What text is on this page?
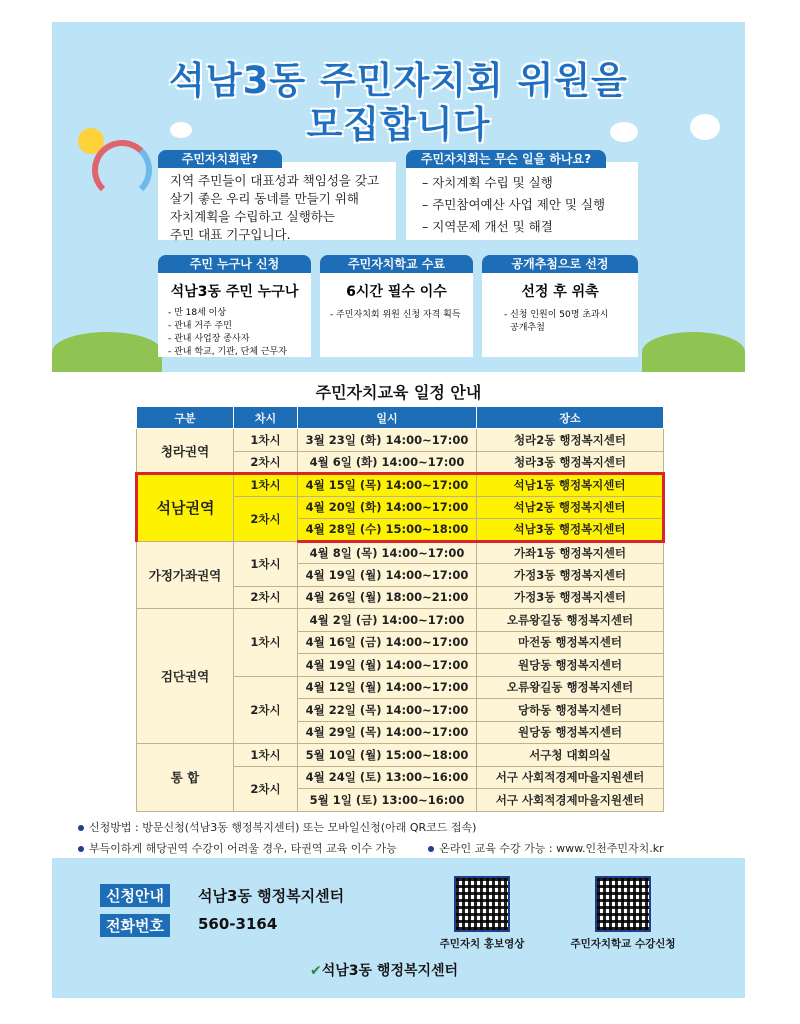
석남3동 주민자치회 위원을
모집합니다
주민자치회란?
지역 주민들이 대표성과 책임성을 갖고
살기 좋은 우리 동네를 만들기 위해
자치계획을 수립하고 실행하는
주민 대표 기구입니다.
주민자치회는 무슨 일을 하나요?
– 자치계획 수립 및 실행
– 주민참여예산 사업 제안 및 실행
– 지역문제 개선 및 해결
주민 누구나 신청
석남3동 주민 누구나
- 만 18세 이상
- 관내 거주 주민
- 관내 사업장 종사자
- 관내 학교, 기관, 단체 근무자
주민자치학교 수료
6시간 필수 이수
- 주민자치회 위원 신청 자격 획득
공개추첨으로 선정
선정 후 위촉
- 신청 인원이 50명 초과시
공개추첨
주민자치교육 일정 안내
구분	차시	일시	장소
청라권역	1차시	3월 23일 (화) 14:00~17:00	청라2동 행정복지센터
	2차시	4월 6일 (화) 14:00~17:00	청라3동 행정복지센터
석남권역	1차시	4월 15일 (목) 14:00~17:00	석남1동 행정복지센터
	2차시	4월 20일 (화) 14:00~17:00	석남2동 행정복지센터
		4월 28일 (수) 15:00~18:00	석남3동 행정복지센터
가정가좌권역	1차시	4월 8일 (목) 14:00~17:00	가좌1동 행정복지센터
		4월 19일 (월) 14:00~17:00	가정3동 행정복지센터
	2차시	4월 26일 (월) 18:00~21:00	가정3동 행정복지센터
검단권역	1차시	4월 2일 (금) 14:00~17:00	오류왕길동 행정복지센터
		4월 16일 (금) 14:00~17:00	마전동 행정복지센터
		4월 19일 (월) 14:00~17:00	원당동 행정복지센터
	2차시	4월 12일 (월) 14:00~17:00	오류왕길동 행정복지센터
		4월 22일 (목) 14:00~17:00	당하동 행정복지센터
		4월 29일 (목) 14:00~17:00	원당동 행정복지센터
통 합	1차시	5월 10일 (월) 15:00~18:00	서구청 대회의실
	2차시	4월 24일 (토) 13:00~16:00	서구 사회적경제마을지원센터
		5월 1일 (토) 13:00~16:00	서구 사회적경제마을지원센터
신청방법 : 방문신청(석남3동 행정복지센터) 또는 모바일신청(아래 QR코드 접속)
부득이하게 해당권역 수강이 어려울 경우, 타권역 교육 이수 가능	온라인 교육 수강 가능 : www.인천주민자치.kr
신청안내	석남3동 행정복지센터
전화번호	560-3164
주민자치 홍보영상	주민자치학교 수강신청
✔석남3동 행정복지센터
